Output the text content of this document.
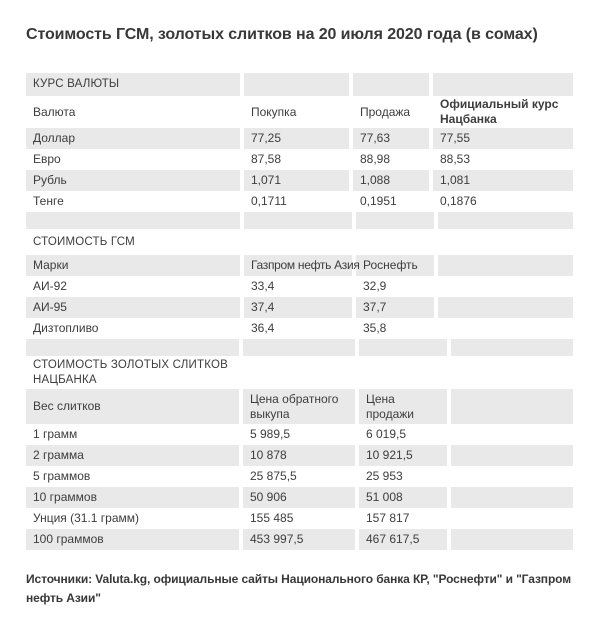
Стоимость ГСМ, золотых слитков на 20 июля 2020 года (в сомах)
КУРС ВАЛЮТЫ			
Валюта	Покупка	Продажа	Официальный курс Нацбанка
Доллар	77,25	77,63	77,55
Евро	87,58	88,98	88,53
Рубль	1,071	1,088	1,081
Тенге	0,1711	0,1951	0,1876

СТОИМОСТЬ ГСМ			
Марки	Газпром нефть Азия	Роснефть	
АИ-92	33,4	32,9	
АИ-95	37,4	37,7	
Дизтопливо	36,4	35,8	

СТОИМОСТЬ ЗОЛОТЫХ СЛИТКОВ НАЦБАНКА			
Вес слитков	Цена обратного выкупа	Цена продажи	
1 грамм	5 989,5	6 019,5	
2 грамма	10 878	10 921,5	
5 граммов	25 875,5	25 953	
10 граммов	50 906	51 008	
Унция (31.1 грамм)	155 485	157 817	
100 граммов	453 997,5	467 617,5	
Источники: Valuta.kg, официальные сайты Национального банка КР, "Роснефти" и "Газпром нефть Азии"
